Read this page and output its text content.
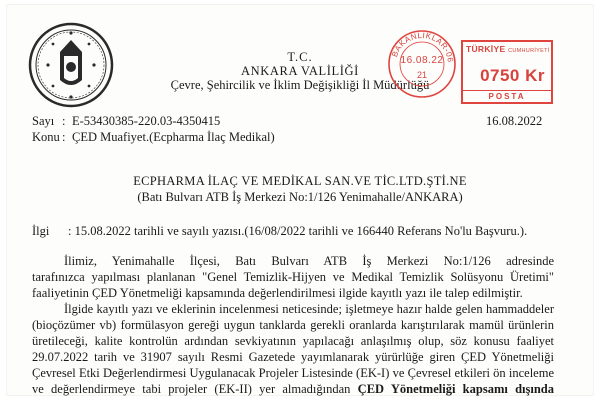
T.C.
ANKARA VALİLİĞİ
Çevre, Şehircilik ve İklim Değişikliği İl Müdürlüğü
BAKANLIKLAR-06
16.08.22
21
TÜRKİYE CUMHURİYETİ
0750 Kr
POSTA
16.08.2022
Sayı : E-53430385-220.03-4350415
Konu : ÇED Muafiyet.(Ecpharma İlaç Medikal)
ECPHARMA İLAÇ VE MEDİKAL SAN.VE TİC.LTD.ŞTİ.NE
(Batı Bulvarı ATB İş Merkezi No:1/126 Yenimahalle/ANKARA)
İlgi : 15.08.2022 tarihli ve sayılı yazısı.(16/08/2022 tarihli ve 166440 Referans No'lu Başvuru.).
İlimiz, Yenimahalle İlçesi, Batı Bulvarı ATB İş Merkezi No:1/126 adresinde
tarafınızca yapılması planlanan "Genel Temizlik-Hijyen ve Medikal Temizlik Solüsyonu Üretimi"
faaliyetinin ÇED Yönetmeliği kapsamında değerlendirilmesi ilgide kayıtlı yazı ile talep edilmiştir.
İlgide kayıtlı yazı ve eklerinin incelenmesi neticesinde; işletmeye hazır halde gelen hammaddeler
(bioçözümer vb) formülasyon gereği uygun tanklarda gerekli oranlarda karıştırılarak mamül ürünlerin
üretileceği, kalite kontrolün ardından sevkiyatının yapılacağı anlaşılmış olup, söz konusu faaliyet
29.07.2022 tarih ve 31907 sayılı Resmi Gazetede yayımlanarak yürürlüğe giren ÇED Yönetmeliği
Çevresel Etki Değerlendirmesi Uygulanacak Projeler Listesinde (EK-I) ve Çevresel etkileri ön inceleme
ve değerlendirmeye tabi projeler (EK-II) yer almadığından ÇED Yönetmeliği kapsamı dışında
